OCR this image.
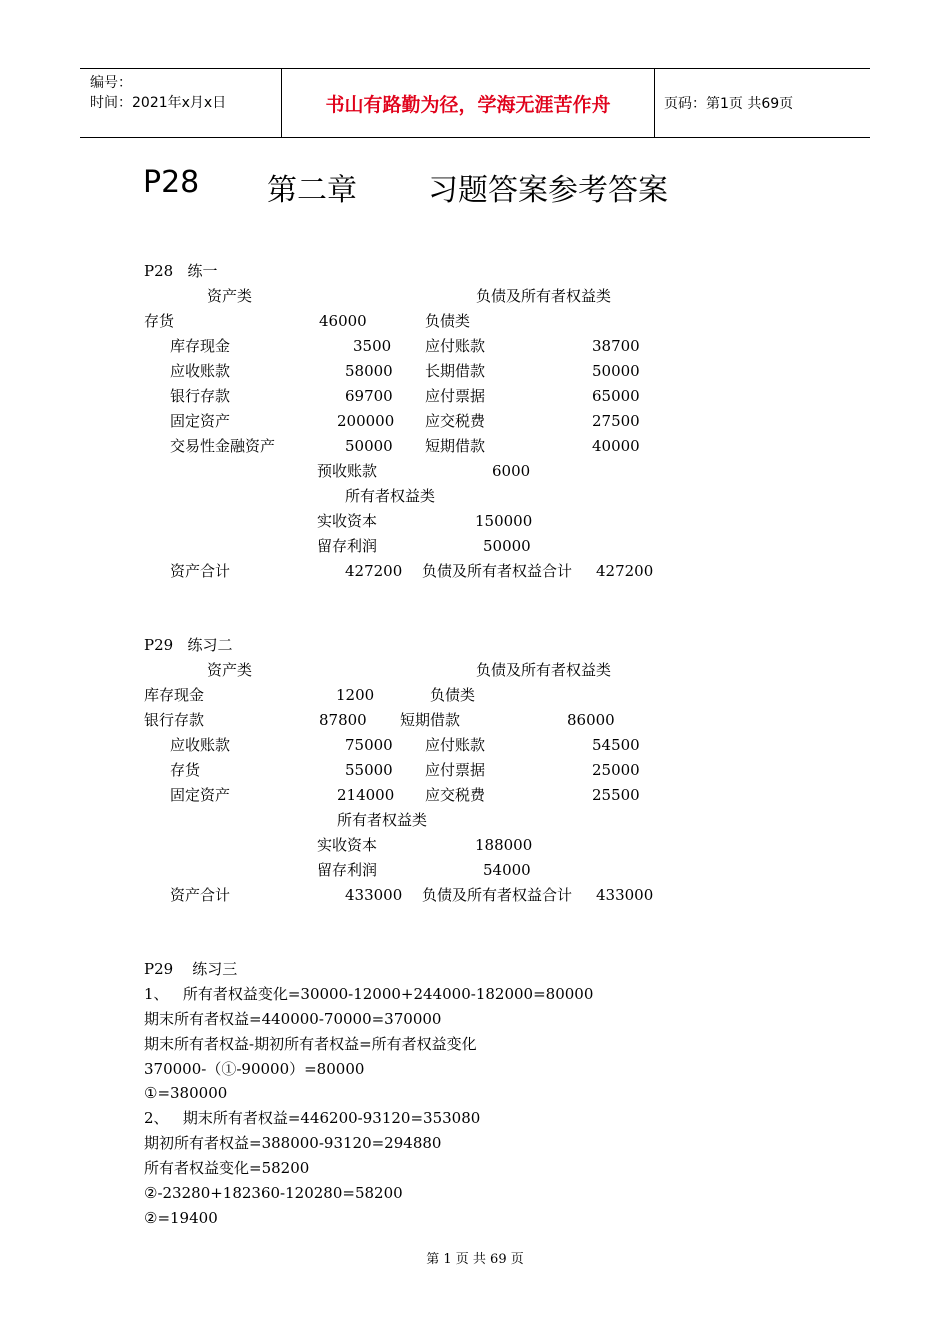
编号：
时间：2021年x月x日	书山有路勤为径，学海无涯苦作舟	页码：第1页 共69页
P28 第二章 习题答案参考答案
P28   练一
资产类	负债及所有者权益类
存货	46000	负债类
库存现金	3500 应付账款	38700
应收账款	58000 长期借款	50000
银行存款	69700 应付票据	65000
固定资产	200000 应交税费	27500
交易性金融资产	50000 短期借款	40000
预收账款	6000
所有者权益类
实收资本	150000
留存利润	50000
资产合计	427200 负债及所有者权益合计 427200
P29   练习二
资产类	负债及所有者权益类
库存现金	1200	负债类
银行存款	87800 短期借款	86000
应收账款	75000 应付账款	54500
存货	55000 应付票据	25000
固定资产	214000 应交税费	25500
所有者权益类
实收资本	188000
留存利润	54000
资产合计	433000 负债及所有者权益合计 433000
P29    练习三
1、   所有者权益变化=30000-12000+244000-182000=80000
期末所有者权益=440000-70000=370000
期末所有者权益-期初所有者权益=所有者权益变化
370000-（①-90000）=80000
①=380000
2、   期末所有者权益=446200-93120=353080
期初所有者权益=388000-93120=294880
所有者权益变化=58200
②-23280+182360-120280=58200
②=19400
第 1 页 共 69 页
